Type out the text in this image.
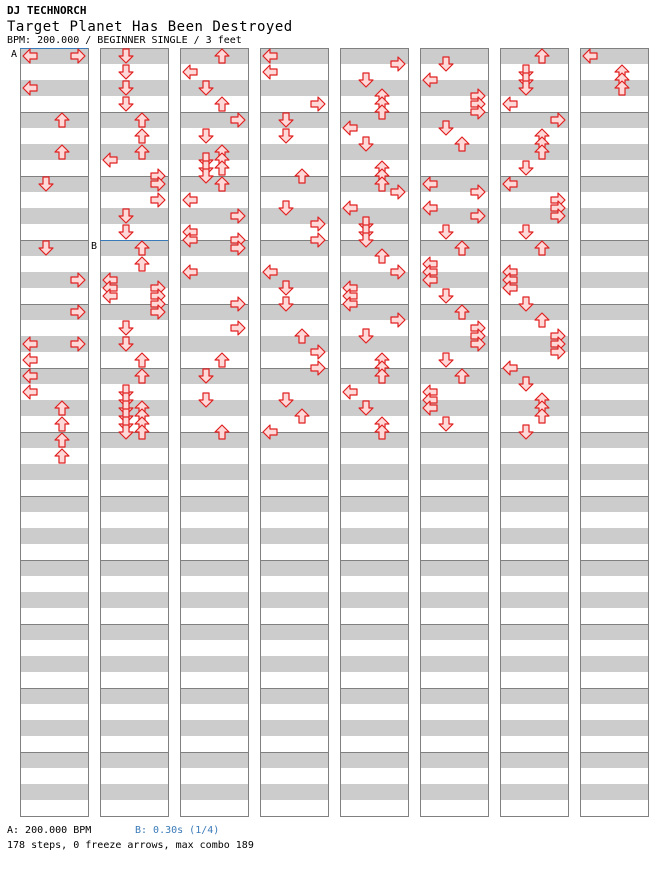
DJ TECHNORCH
Target Planet Has Been Destroyed
BPM: 200.000 / BEGINNER SINGLE / 3 feet
A
B
A: 200.000 BPM	B: 0.30s (1/4)
178 steps, 0 freeze arrows, max combo 189
